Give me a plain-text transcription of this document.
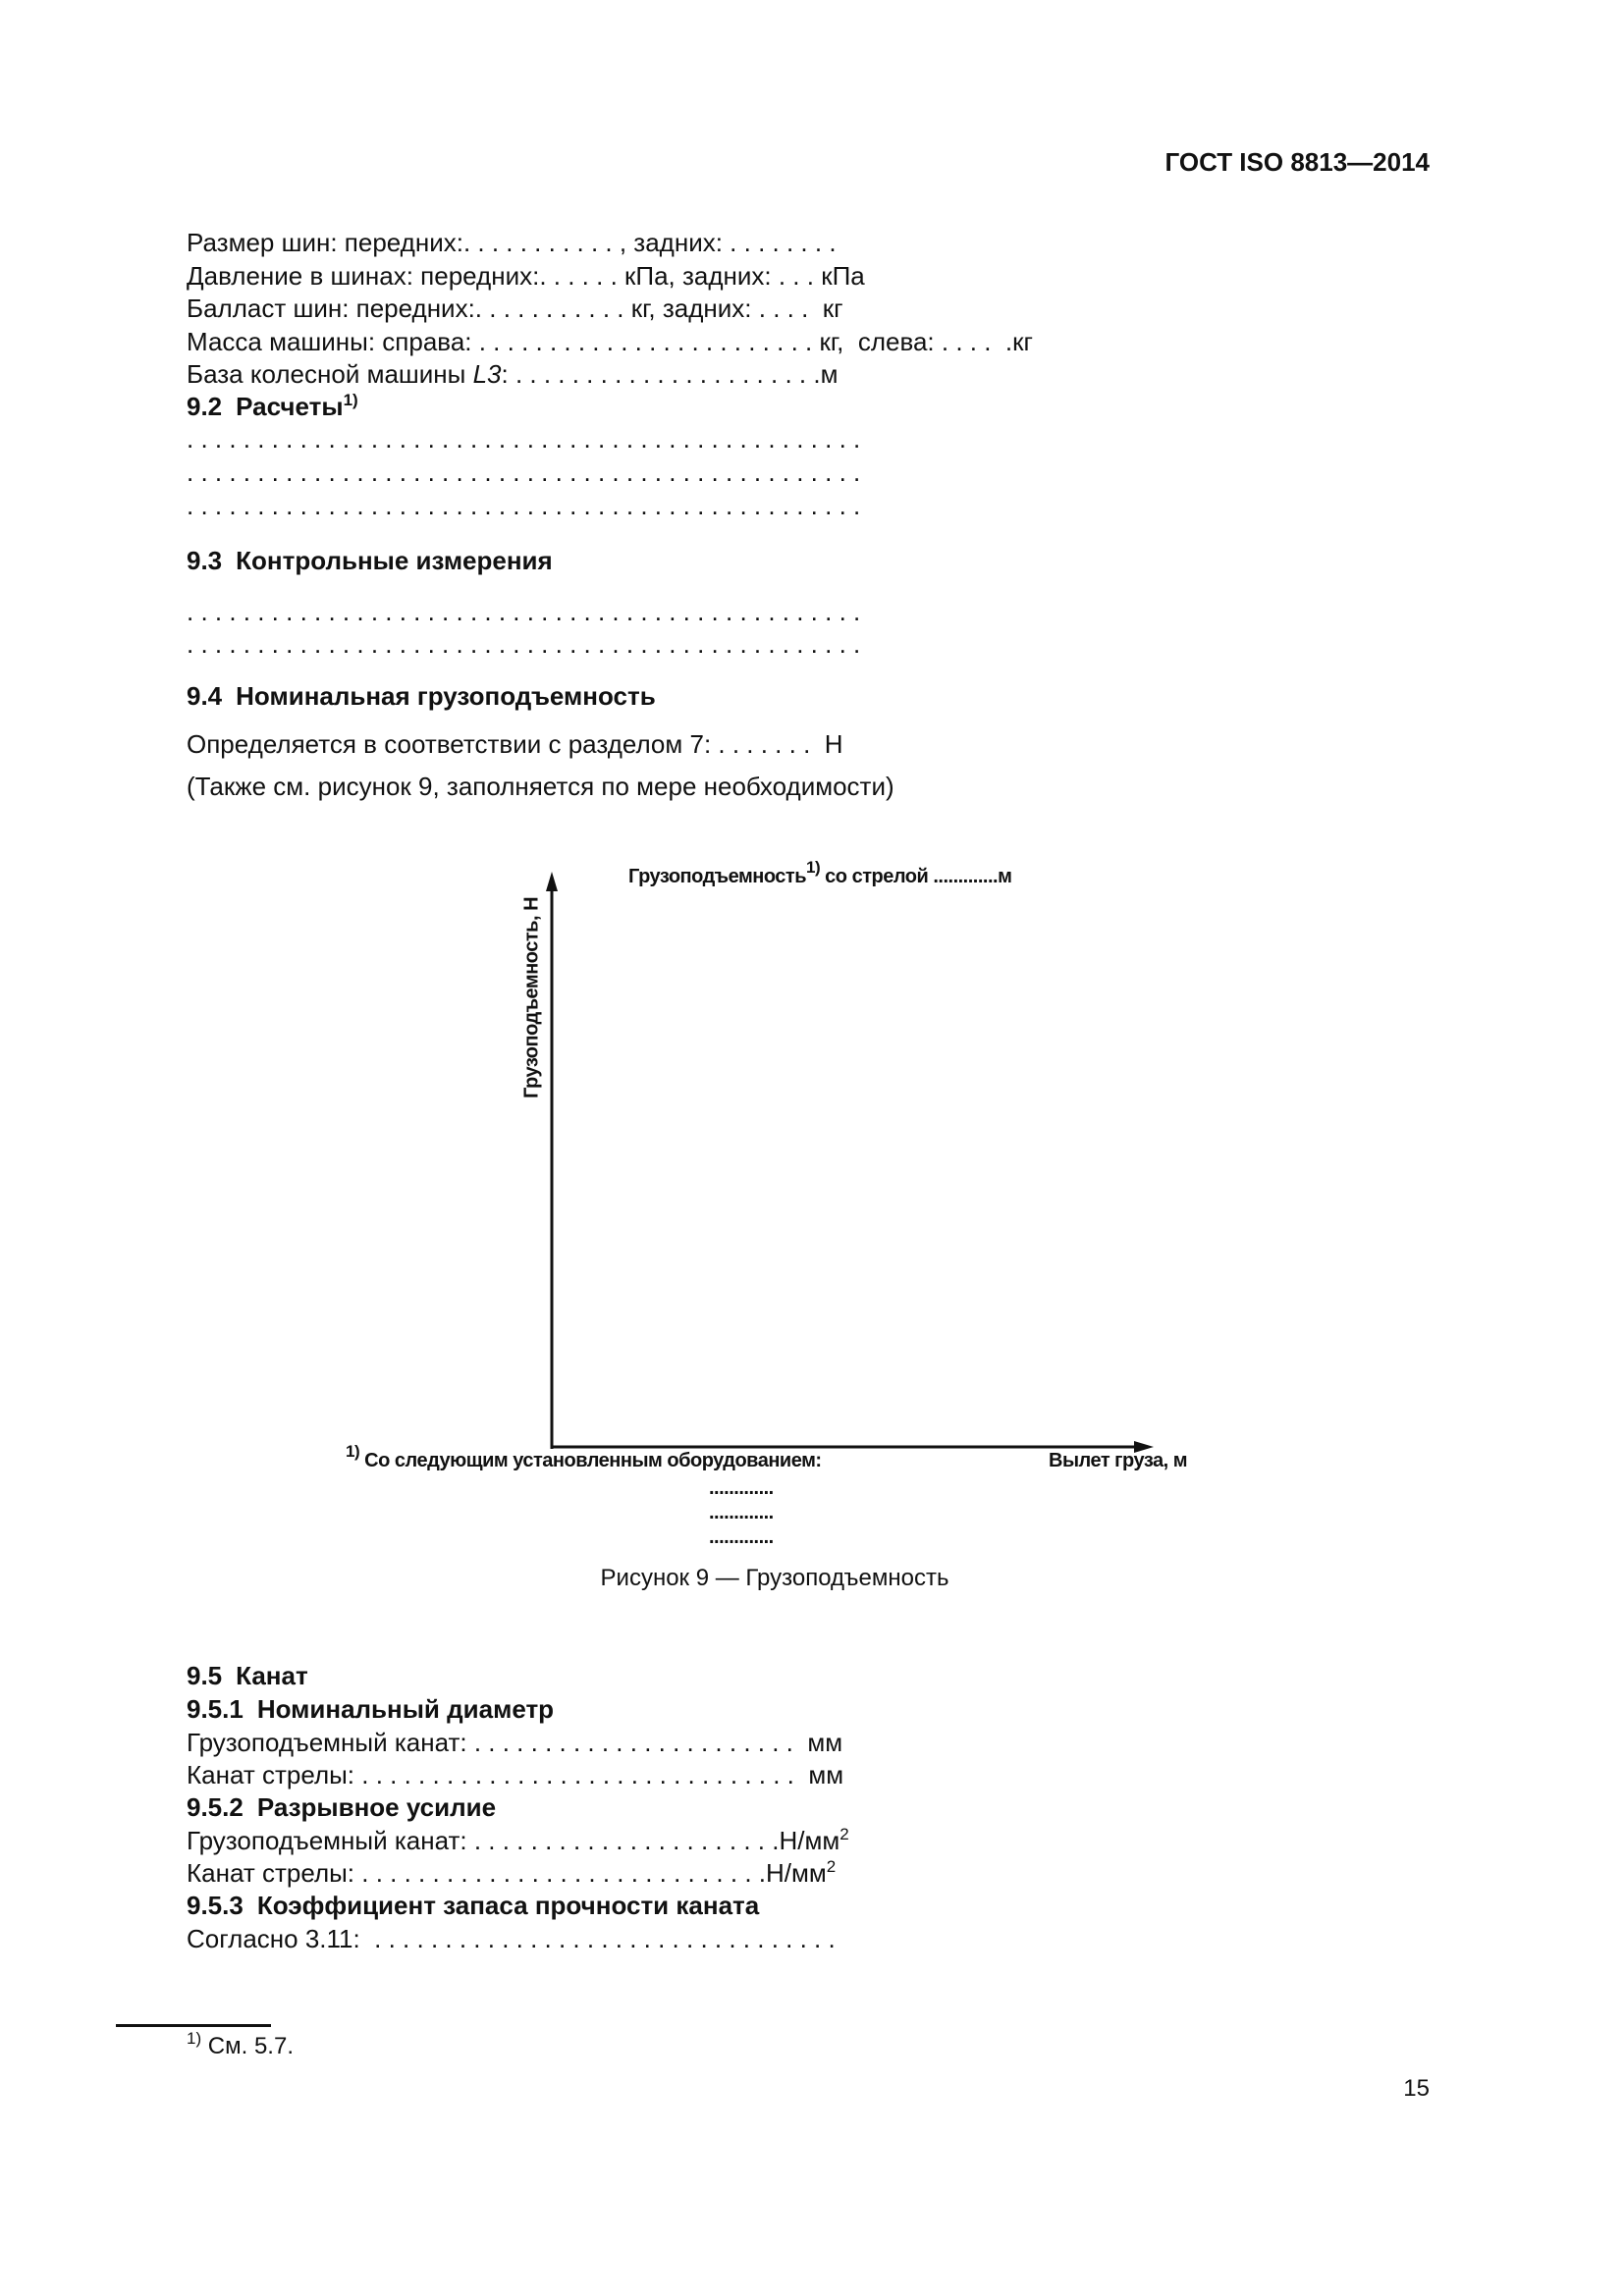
ГОСТ ISO 8813—2014
Размер шин: передних:. . . . . . . . . . . , задних: . . . . . . . .
Давление в шинах: передних:. . . . . . кПа, задних: . . . кПа
Балласт шин: передних:. . . . . . . . . . . кг, задних: . . . .  кг
Масса машины: справа: . . . . . . . . . . . . . . . . . . . . . . . . кг,  слева: . . . .  .кг
База колесной машины L3: . . . . . . . . . . . . . . . . . . . . . .м
9.2 Расчеты$^{1)}$
. . . . . . . . . . . . . . . . . . . . . . . . . . . . . . . . . . . . . . . . . . . . . . . .
. . . . . . . . . . . . . . . . . . . . . . . . . . . . . . . . . . . . . . . . . . . . . . . .
. . . . . . . . . . . . . . . . . . . . . . . . . . . . . . . . . . . . . . . . . . . . . . . .
9.3 Контрольные измерения
. . . . . . . . . . . . . . . . . . . . . . . . . . . . . . . . . . . . . . . . . . . . . . . .
. . . . . . . . . . . . . . . . . . . . . . . . . . . . . . . . . . . . . . . . . . . . . . . .
9.4 Номинальная грузоподъемность
Определяется в соответствии с разделом 7: . . . . . . .  Н
(Также см. рисунок 9, заполняется по мере необходимости)
Грузоподъемность$^{1)}$ со стрелой .............м
Грузоподъемность, Н
$^{1)}$ Со следующим установленным оборудованием:	Вылет груза, м
.............
.............
.............
Рисунок 9 — Грузоподъемность
9.5 Канат
9.5.1 Номинальный диаметр
Грузоподъемный канат: . . . . . . . . . . . . . . . . . . . . . . .  мм
Канат стрелы: . . . . . . . . . . . . . . . . . . . . . . . . . . . . . . .  мм
9.5.2 Разрывное усилие
Грузоподъемный канат: . . . . . . . . . . . . . . . . . . . . . $.Н/мм^2$
Канат стрелы: . . . . . . . . . . . . . . . . . . . . . . . . . . . . $.Н/мм^2$
9.5.3 Коэффициент запаса прочности каната
Согласно 3.11:  . . . . . . . . . . . . . . . . . . . . . . . . . . . . . . . . .
$^{1)}$ См. 5.7.
15
